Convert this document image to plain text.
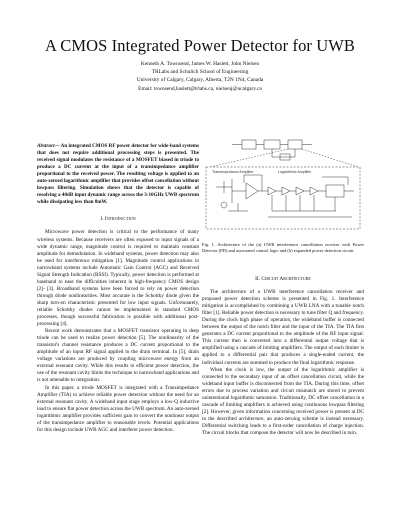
A CMOS Integrated Power Detector for UWB
Kenneth A. Townsend, James W. Haslett, John Nielsen
TRLabs and Schulich School of Engineering
University of Calgary, Calgary, Alberta, T2N 1N4, Canada
Email: townsend,haslett@trlabs.ca, nielsenj@ucalgary.ca

Abstract— An integrated CMOS RF power detector for wide-band systems that does not require additional processing steps is presented. The received signal modulates the resistance of a MOSFET biased in triode to produce a DC current at the input of a transimpedance amplifier proportional to the received power. The resulting voltage is applied to an auto-zeroed logarithmic amplifier that provides offset cancellation without lowpass filtering. Simulation shows that the detector is capable of resolving a 40dB input dynamic range across the 3-10GHz UWB spectrum while dissipating less than 8mW.

I. Introduction

Microwave power detection is critical to the performance of many wireless systems. Because receivers are often exposed to input signals of a wide dynamic range, magnitude control is required to maintain constant amplitude for demodulation. In wideband systems, power detection may also be used for interference mitigation [1]. Magnitude control applications in narrowband systems include Automatic Gain Control (AGC) and Received Signal Strength Indication (RSSI). Typically, power detection is performed at baseband to ease the difficulties inherent in high-frequency CMOS design [2]- [3]. Broadband systems have been forced to rely on power detection through diode nonlinearities. Most accurate is the Schottky diode given the sharp turn-on characteristic presented for low input signals. Unfortunately, reliable Schottky diodes cannot be implemented in standard CMOS processes, though successful fabrication is possible with additional post-processing [4].

Recent work demonstrates that a MOSFET transistor operating in deep triode can be used to realize power detection [5]. The nonlinearity of the transistor's channel resistance produces a DC current proportional to the amplitude of an input RF signal applied to the drain terminal. In [5], drain voltage variations are produced by coupling microwave energy from an external resonant cavity. While this results in efficient power detection, the use of the resonant cavity limits the technique to narrowband applications and is not amenable to integration.

In this paper, a triode MOSFET is integrated with a Transimpedance Amplifier (TIA) to achieve reliable power detection without the need for an external resonant cavity. A wideband input stage employs a low-Q inductive load to ensure flat power detection across the UWB spectrum. An auto-zeroed logarithmic amplifier provides sufficient gain to convert the nonlinear output of the transimpedance amplifier to reasonable levels. Potential applications for this design include UWB AGC and interferer power detection.

Transimpedance Amplifier	Logarithmic Amplifier
Fig. 1. Architecture of the (a) UWB interference cancellation receiver with Power Detector (PD) and associated control logic and (b) expanded power detection circuit
II. Circuit Architecture

The architecture of a UWB interference cancellation receiver and proposed power detection scheme is presented in Fig. 1. Interference mitigation is accomplished by combining a UWB LNA with a tunable notch filter [1]. Reliable power detection is necessary to tune filter Q and frequency. During the clock high phase of operation, the wideband buffer is connected between the output of the notch filter and the input of the TIA. The TIA first generates a DC current proportional to the amplitude of the RF input signal. This current then is converted into a differential output voltage that is amplified using a cascade of limiting amplifiers. The output of each limiter is applied to a differential pair that produces a single-ended current, the individual currents are summed to produce the final logarithmic response.

When the clock is low, the output of the logarithmic amplifier is connected to the secondary input of an offset cancellation circuit, while the wideband input buffer is disconnected from the TIA. During this time, offset errors due to process variation and circuit mismatch are stored to prevent unintentional logarithmic saturation. Traditionally, DC offset cancellation in a cascade of limiting amplifiers is achieved using continuous lowpass filtering [2]. However, given information concerning received power is present at DC in the described architecture, an auto-zeroing scheme is instead necessary. Differential switching leads to a first-order cancellation of charge injection. The circuit blocks that compose the detector will now be described in turn.
